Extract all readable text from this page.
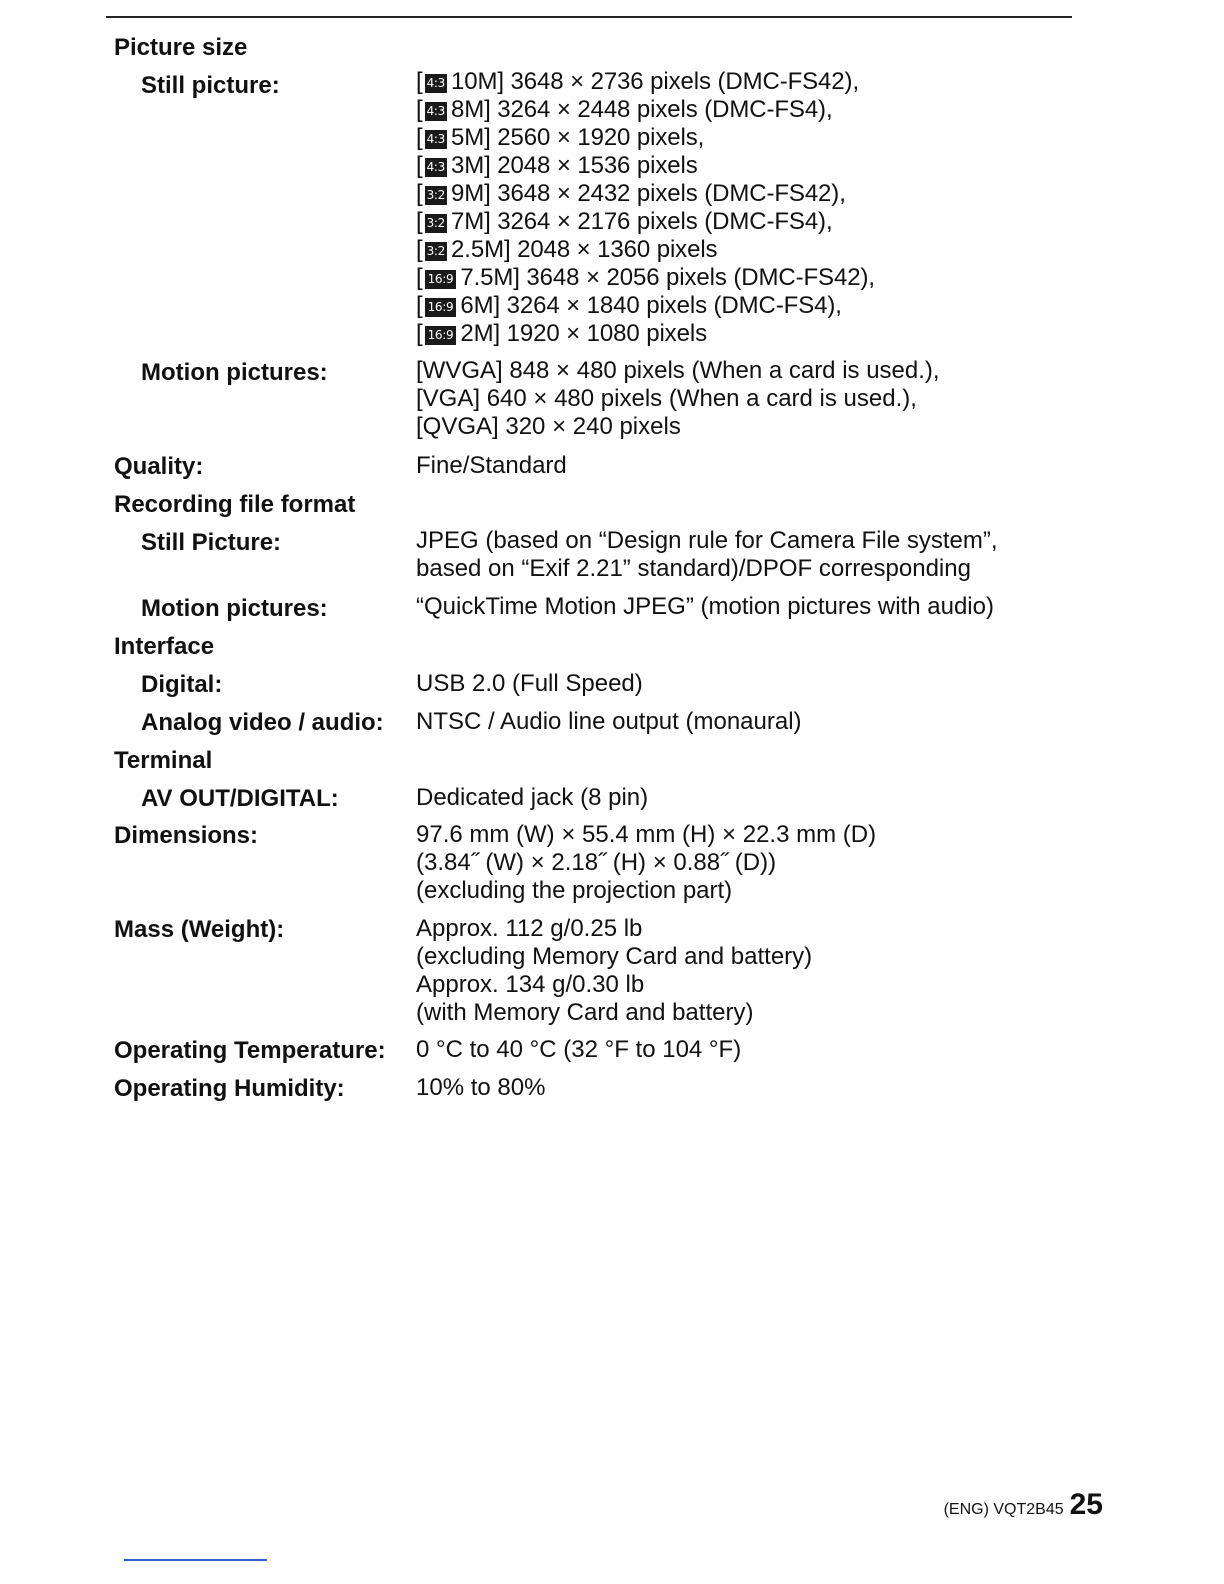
Picture size
Still picture:	[ 4:3 10M] 3648 × 2736 pixels (DMC-FS42),
[ 4:3 8M] 3264 × 2448 pixels (DMC-FS4),
[ 4:3 5M] 2560 × 1920 pixels,
[ 4:3 3M] 2048 × 1536 pixels
[ 3:2 9M] 3648 × 2432 pixels (DMC-FS42),
[ 3:2 7M] 3264 × 2176 pixels (DMC-FS4),
[ 3:2 2.5M] 2048 × 1360 pixels
[ 16:9 7.5M] 3648 × 2056 pixels (DMC-FS42),
[ 16:9 6M] 3264 × 1840 pixels (DMC-FS4),
[ 16:9 2M] 1920 × 1080 pixels
Motion pictures:	[WVGA] 848 × 480 pixels (When a card is used.),
[VGA] 640 × 480 pixels (When a card is used.),
[QVGA] 320 × 240 pixels
Quality:	Fine/Standard
Recording file format
Still Picture:	JPEG (based on “Design rule for Camera File system”,
based on “Exif 2.21” standard)/DPOF corresponding
Motion pictures:	“QuickTime Motion JPEG” (motion pictures with audio)
Interface
Digital:	USB 2.0 (Full Speed)
Analog video / audio: NTSC / Audio line output (monaural)
Terminal
AV OUT/DIGITAL:	Dedicated jack (8 pin)
Dimensions:	97.6 mm (W) × 55.4 mm (H) × 22.3 mm (D)
(3.84˝ (W) × 2.18˝ (H) × 0.88˝ (D))
(excluding the projection part)
Mass (Weight):	Approx. 112 g/0.25 lb
(excluding Memory Card and battery)
Approx. 134 g/0.30 lb
(with Memory Card and battery)
Operating Temperature: 0 °C to 40 °C (32 °F to 104 °F)
Operating Humidity:	10% to 80%
(ENG) VQT2B45 25
